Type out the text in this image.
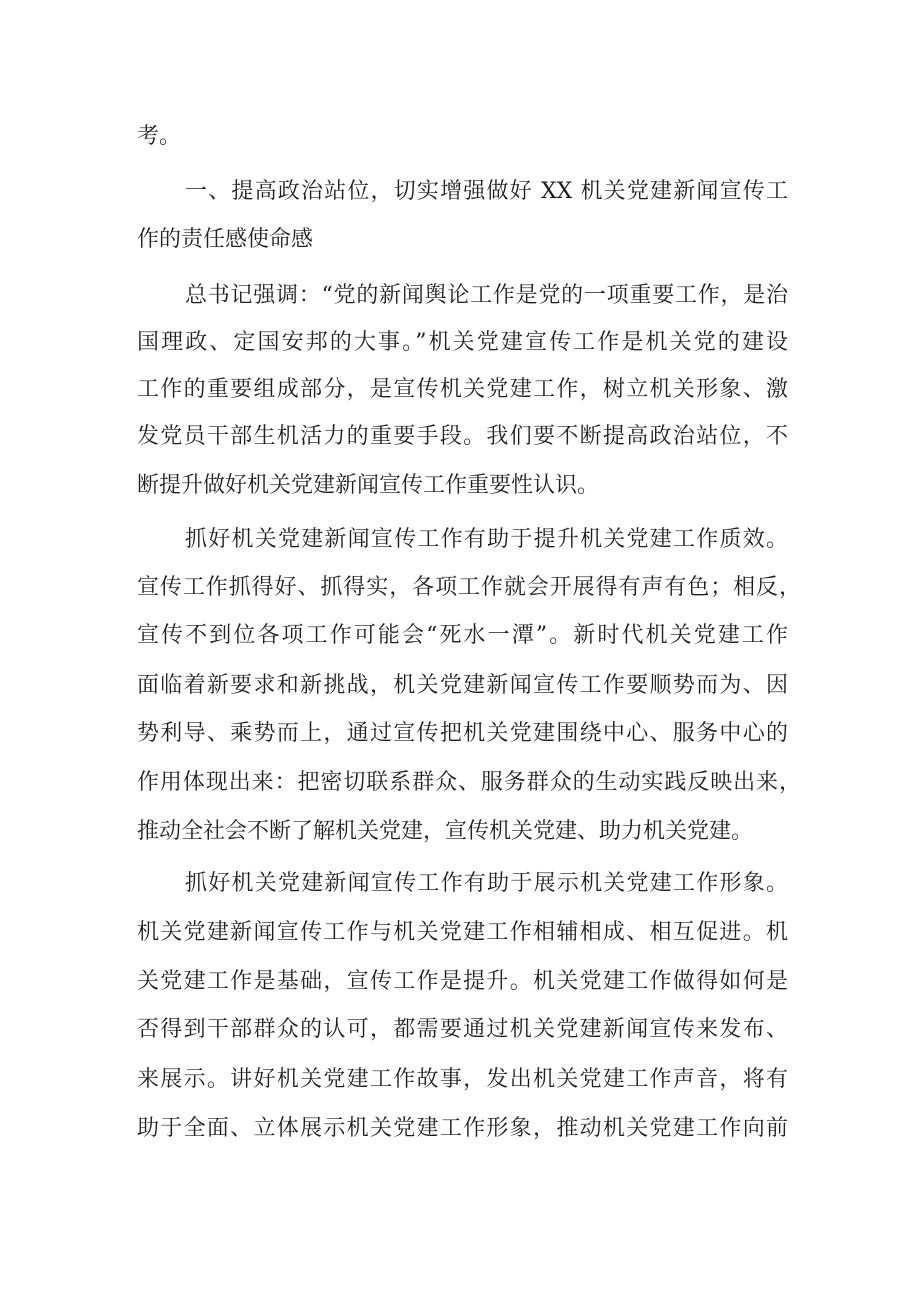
考。
一、提高政治站位，切实增强做好 XX 机关党建新闻宣传工
作的责任感使命感
总书记强调：“党的新闻舆论工作是党的一项重要工作，是治
国理政、定国安邦的大事。”机关党建宣传工作是机关党的建设
工作的重要组成部分，是宣传机关党建工作，树立机关形象、激
发党员干部生机活力的重要手段。我们要不断提高政治站位，不
断提升做好机关党建新闻宣传工作重要性认识。
抓好机关党建新闻宣传工作有助于提升机关党建工作质效。
宣传工作抓得好、抓得实，各项工作就会开展得有声有色；相反，
宣传不到位各项工作可能会“死水一潭”。新时代机关党建工作
面临着新要求和新挑战，机关党建新闻宣传工作要顺势而为、因
势利导、乘势而上，通过宣传把机关党建围绕中心、服务中心的
作用体现出来：把密切联系群众、服务群众的生动实践反映出来，
推动全社会不断了解机关党建，宣传机关党建、助力机关党建。
抓好机关党建新闻宣传工作有助于展示机关党建工作形象。
机关党建新闻宣传工作与机关党建工作相辅相成、相互促进。机
关党建工作是基础，宣传工作是提升。机关党建工作做得如何是
否得到干部群众的认可，都需要通过机关党建新闻宣传来发布、
来展示。讲好机关党建工作故事，发出机关党建工作声音，将有
助于全面、立体展示机关党建工作形象，推动机关党建工作向前
